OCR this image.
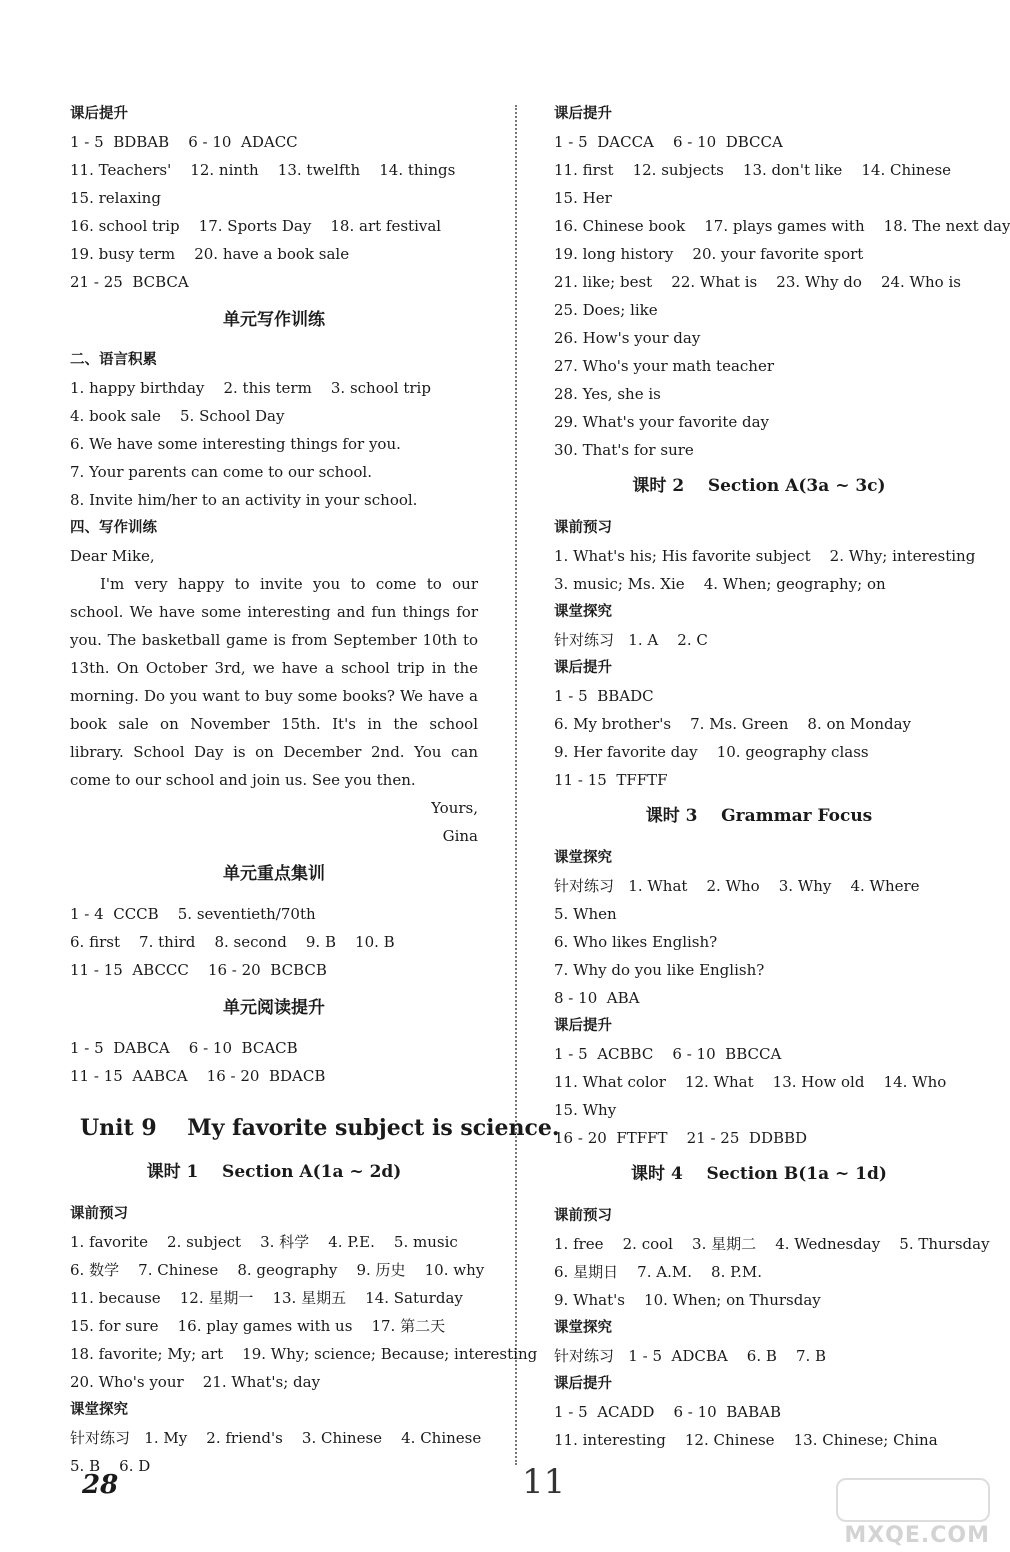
课后提升
1 - 5  BDBAB    6 - 10  ADACC
11. Teachers'    12. ninth    13. twelfth    14. things
15. relaxing
16. school trip    17. Sports Day    18. art festival
19. busy term    20. have a book sale
21 - 25  BCBCA
单元写作训练
二、语言积累
1. happy birthday    2. this term    3. school trip
4. book sale    5. School Day
6. We have some interesting things for you.
7. Your parents can come to our school.
8. Invite him/her to an activity in your school.
四、写作训练
Dear Mike,

I'm very happy to invite you to come to our school. We have some interesting and fun things for you. The basketball game is from September 10th to 13th. On October 3rd, we have a school trip in the morning. Do you want to buy some books? We have a book sale on November 15th. It's in the school library. School Day is on December 2nd. You can come to our school and join us. See you then.

Yours,
Gina
单元重点集训
1 - 4  CCCB    5. seventieth/70th
6. first    7. third    8. second    9. B    10. B
11 - 15  ABCCC    16 - 20  BCBCB
单元阅读提升
1 - 5  DABCA    6 - 10  BCACB
11 - 15  AABCA    16 - 20  BDACB
Unit 9    My favorite subject is science.
课时 1    Section A(1a ~ 2d)
课前预习
1. favorite    2. subject    3. 科学    4. P.E.    5. music
6. 数学    7. Chinese    8. geography    9. 历史    10. why
11. because    12. 星期一    13. 星期五    14. Saturday
15. for sure    16. play games with us    17. 第二天
18. favorite; My; art    19. Why; science; Because; interesting
20. Who's your    21. What's; day
课堂探究
针对练习   1. My    2. friend's    3. Chinese    4. Chinese
5. B    6. D
课后提升
1 - 5  DACCA    6 - 10  DBCCA
11. first    12. subjects    13. don't like    14. Chinese
15. Her
16. Chinese book    17. plays games with    18. The next day
19. long history    20. your favorite sport
21. like; best    22. What is    23. Why do    24. Who is
25. Does; like
26. How's your day
27. Who's your math teacher
28. Yes, she is
29. What's your favorite day
30. That's for sure
课时 2    Section A(3a ~ 3c)
课前预习
1. What's his; His favorite subject    2. Why; interesting
3. music; Ms. Xie    4. When; geography; on
课堂探究
针对练习   1. A    2. C
课后提升
1 - 5  BBADC
6. My brother's    7. Ms. Green    8. on Monday
9. Her favorite day    10. geography class
11 - 15  TFFTF
课时 3    Grammar Focus
课堂探究
针对练习   1. What    2. Who    3. Why    4. Where
5. When
6. Who likes English?
7. Why do you like English?
8 - 10  ABA
课后提升
1 - 5  ACBBC    6 - 10  BBCCA
11. What color    12. What    13. How old    14. Who
15. Why
16 - 20  FTFFT    21 - 25  DDBBD
课时 4    Section B(1a ~ 1d)
课前预习
1. free    2. cool    3. 星期二    4. Wednesday    5. Thursday
6. 星期日    7. A.M.    8. P.M.
9. What's    10. When; on Thursday
课堂探究
针对练习   1 - 5  ADCBA    6. B    7. B
课后提升
1 - 5  ACADD    6 - 10  BABAB
11. interesting    12. Chinese    13. Chinese; China
28	11
MXQE.COM
